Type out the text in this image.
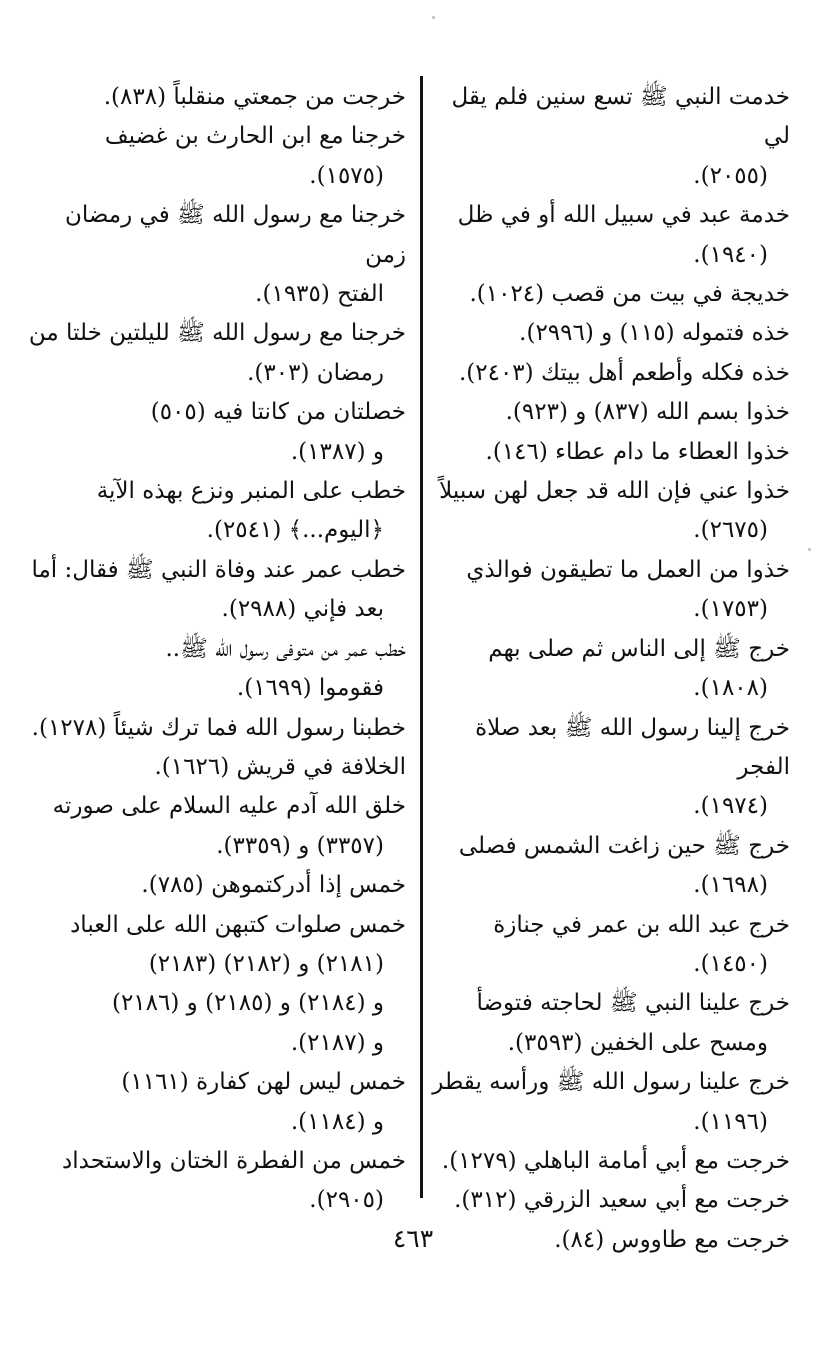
خدمت النبي ﷺ تسع سنين فلم يقل لي
(٢٠٥٥).
خدمة عبد في سبيل الله أو في ظل
(١٩٤٠).
خديجة في بيت من قصب (١٠٢٤).
خذه فتموله (١١٥) و (٢٩٩٦).
خذه فكله وأطعم أهل بيتك (٢٤٠٣).
خذوا بسم الله (٨٣٧) و (٩٢٣).
خذوا العطاء ما دام عطاء (١٤٦).
خذوا عني فإن الله قد جعل لهن سبيلاً
(٢٦٧٥).
خذوا من العمل ما تطيقون فوالذي
(١٧٥٣).
خرج ﷺ إلى الناس ثم صلى بهم
(١٨٠٨).
خرج إلينا رسول الله ﷺ بعد صلاة الفجر
(١٩٧٤).
خرج ﷺ حين زاغت الشمس فصلى
(١٦٩٨).
خرج عبد الله بن عمر في جنازة
(١٤٥٠).
خرج علينا النبي ﷺ لحاجته فتوضأ
ومسح على الخفين (٣٥٩٣).
خرج علينا رسول الله ﷺ ورأسه يقطر
(١١٩٦).
خرجت مع أبي أمامة الباهلي (١٢٧٩).
خرجت مع أبي سعيد الزرقي (٣١٢).
خرجت مع طاووس (٨٤).
خرجت من جمعتي منقلباً (٨٣٨).
خرجنا مع ابن الحارث بن غضيف
(١٥٧٥).
خرجنا مع رسول الله ﷺ في رمضان زمن
الفتح (١٩٣٥).
خرجنا مع رسول الله ﷺ لليلتين خلتا من
رمضان (٣٠٣).
خصلتان من كانتا فيه (٥٠٥)
و (١٣٨٧).
خطب على المنبر ونزع بهذه الآية
﴿اليوم...﴾ (٢٥٤١).
خطب عمر عند وفاة النبي ﷺ فقال: أما
بعد فإني (٢٩٨٨).
خطب عمر من متوفى رسول الله ﷺ..
فقوموا (١٦٩٩).
خطبنا رسول الله فما ترك شيئاً (١٢٧٨).
الخلافة في قريش (١٦٢٦).
خلق الله آدم عليه السلام على صورته
(٣٣٥٧) و (٣٣٥٩).
خمس إذا أدركتموهن (٧٨٥).
خمس صلوات كتبهن الله على العباد
(٢١٨١) و (٢١٨٢) (٢١٨٣)
و (٢١٨٤) و (٢١٨٥) و (٢١٨٦)
و (٢١٨٧).
خمس ليس لهن كفارة (١١٦١)
و (١١٨٤).
خمس من الفطرة الختان والاستحداد
(٢٩٠٥).
٤٦٣
